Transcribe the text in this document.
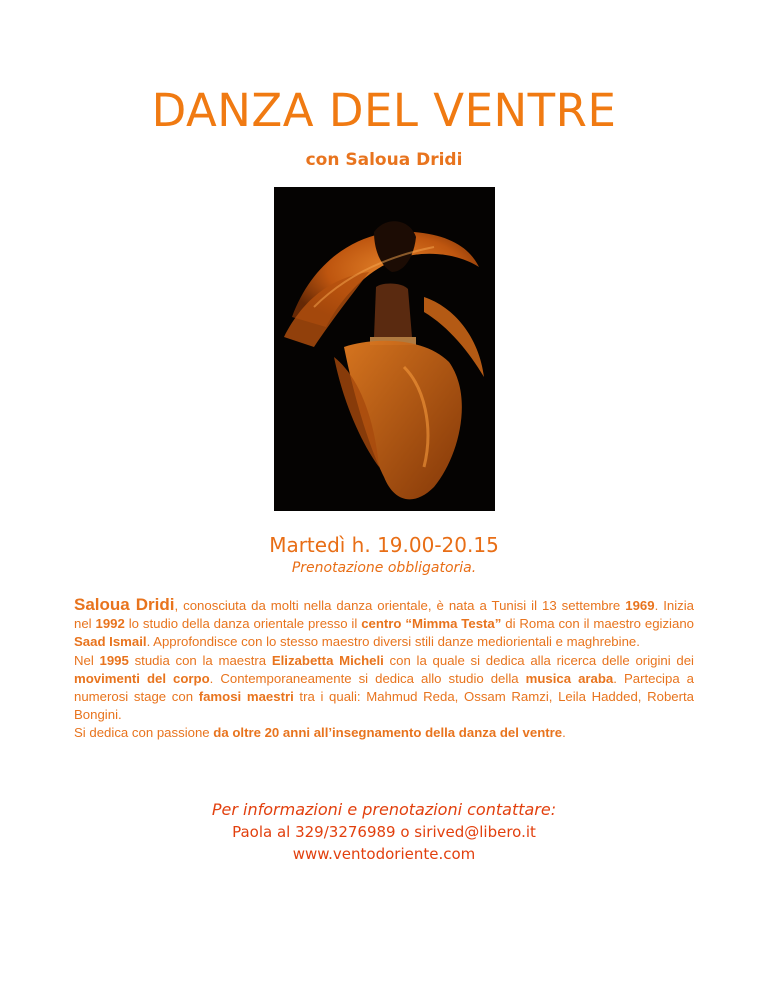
DANZA DEL VENTRE
con Saloua Dridi
Martedì h. 19.00-20.15
Prenotazione obbligatoria.

Saloua Dridi, conosciuta da molti nella danza orientale, è nata a Tunisi il 13 settembre 1969. Inizia nel 1992 lo studio della danza orientale presso il centro “Mimma Testa” di Roma con il maestro egiziano Saad Ismail. Approfondisce con lo stesso maestro diversi stili danze mediorientali e maghrebine.

Nel 1995 studia con la maestra Elizabetta Micheli con la quale si dedica alla ricerca delle origini dei movimenti del corpo. Contemporaneamente si dedica allo studio della musica araba. Partecipa a numerosi stage con famosi maestri tra i quali: Mahmud Reda, Ossam Ramzi, Leila Hadded, Roberta Bongini.

Si dedica con passione da oltre 20 anni all’insegnamento della danza del ventre.

Per informazioni e prenotazioni contattare:
Paola al 329/3276989 o sirived@libero.it
www.ventodoriente.com
